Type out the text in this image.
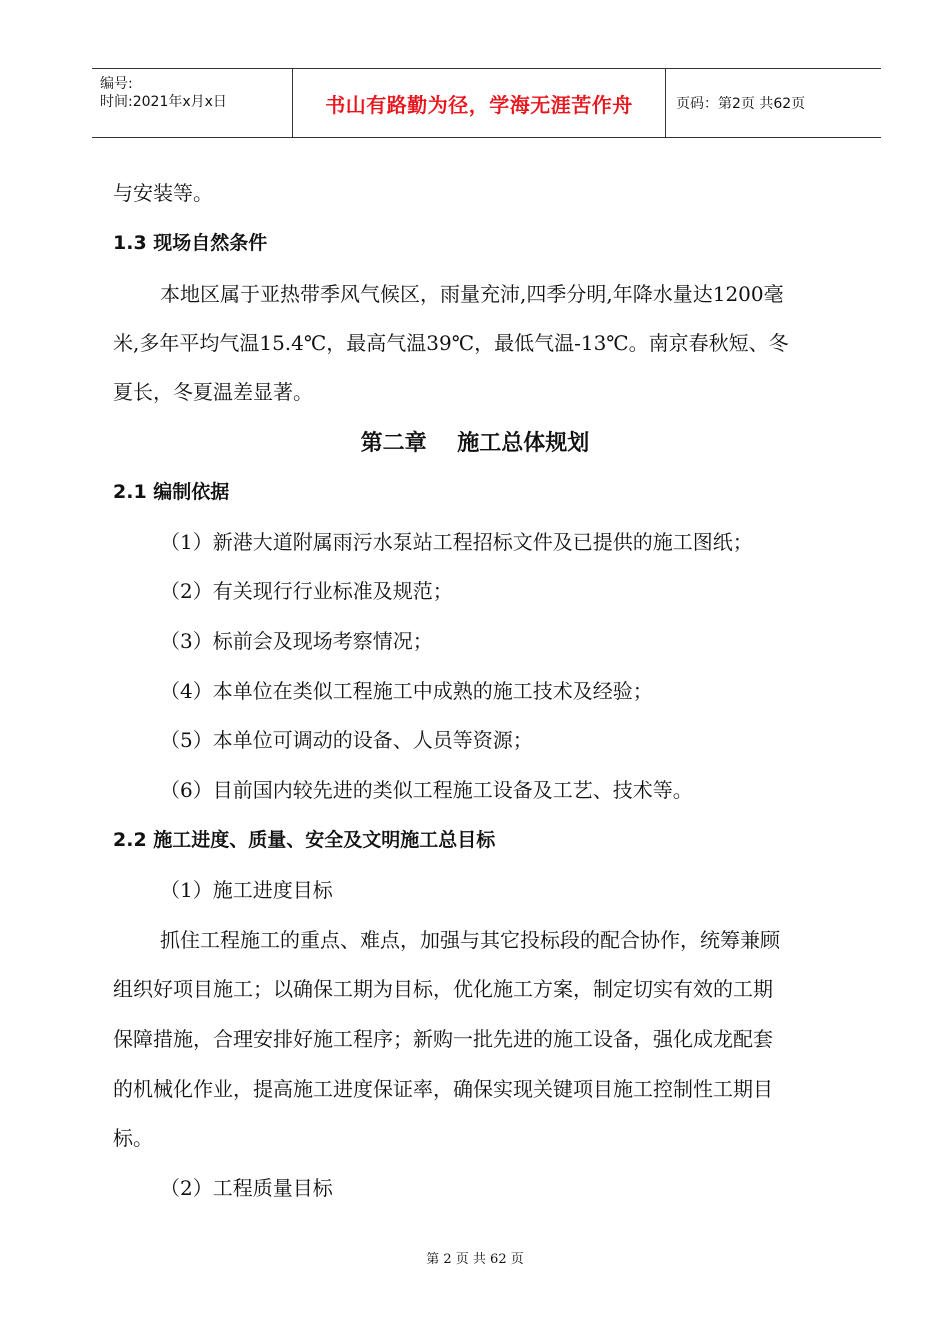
编号:
时间:2021年x月x日	书山有路勤为径，学海无涯苦作舟	页码：第2页 共62页
与安装等。
1.3 现场自然条件
本地区属于亚热带季风气候区，雨量充沛,四季分明,年降水量达1200毫
米,多年平均气温15.4℃，最高气温39℃，最低气温-13℃。南京春秋短、冬
夏长，冬夏温差显著。
第二章    施工总体规划
2.1 编制依据
（1）新港大道附属雨污水泵站工程招标文件及已提供的施工图纸；
（2）有关现行行业标准及规范；
（3）标前会及现场考察情况；
（4）本单位在类似工程施工中成熟的施工技术及经验；
（5）本单位可调动的设备、人员等资源；
（6）目前国内较先进的类似工程施工设备及工艺、技术等。
2.2 施工进度、质量、安全及文明施工总目标
（1）施工进度目标
抓住工程施工的重点、难点，加强与其它投标段的配合协作，统筹兼顾
组织好项目施工；以确保工期为目标，优化施工方案，制定切实有效的工期
保障措施，合理安排好施工程序；新购一批先进的施工设备，强化成龙配套
的机械化作业，提高施工进度保证率，确保实现关键项目施工控制性工期目
标。
（2）工程质量目标
第 2 页 共 62 页
